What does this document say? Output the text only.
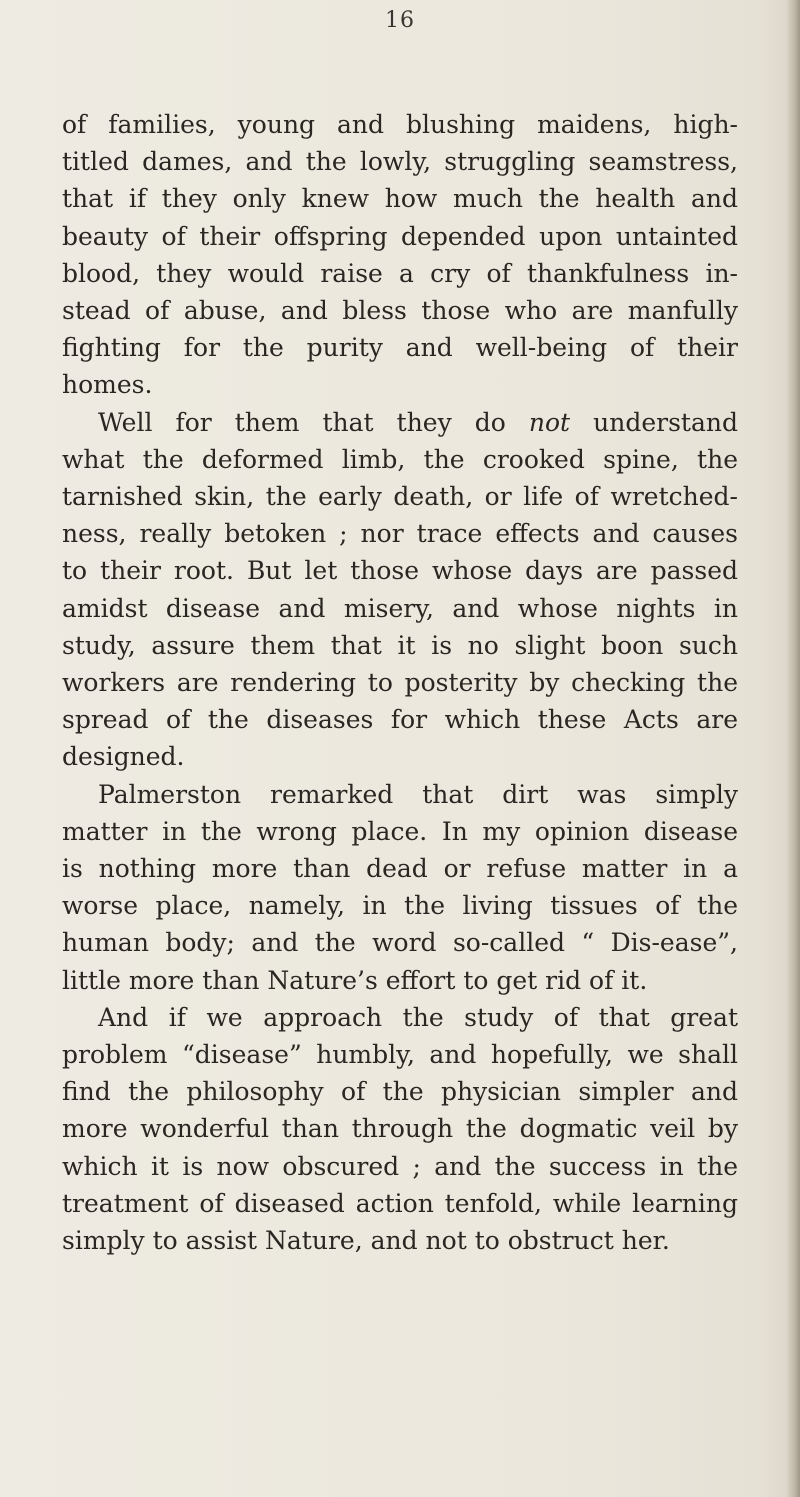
16

of families, young and blushing maidens, high-
titled dames, and the lowly, struggling seamstress,
that if they only knew how much the health and
beauty of their offspring depended upon untainted
blood, they would raise a cry of thankfulness in-
stead of abuse, and bless those who are manfully
fighting for the purity and well-being of their
homes.

Well for them that they do not understand
what the deformed limb, the crooked spine, the
tarnished skin, the early death, or life of wretched-
ness, really betoken ; nor trace effects and causes
to their root. But let those whose days are passed
amidst disease and misery, and whose nights in
study, assure them that it is no slight boon such
workers are rendering to posterity by checking the
spread of the diseases for which these Acts are
designed.

Palmerston remarked that dirt was simply
matter in the wrong place. In my opinion disease
is nothing more than dead or refuse matter in a
worse place, namely, in the living tissues of the
human body; and the word so-called “ Dis-ease”,
little more than Nature’s effort to get rid of it.

And if we approach the study of that great
problem “disease” humbly, and hopefully, we shall
find the philosophy of the physician simpler and
more wonderful than through the dogmatic veil by
which it is now obscured ; and the success in the
treatment of diseased action tenfold, while learning
simply to assist Nature, and not to obstruct her.
